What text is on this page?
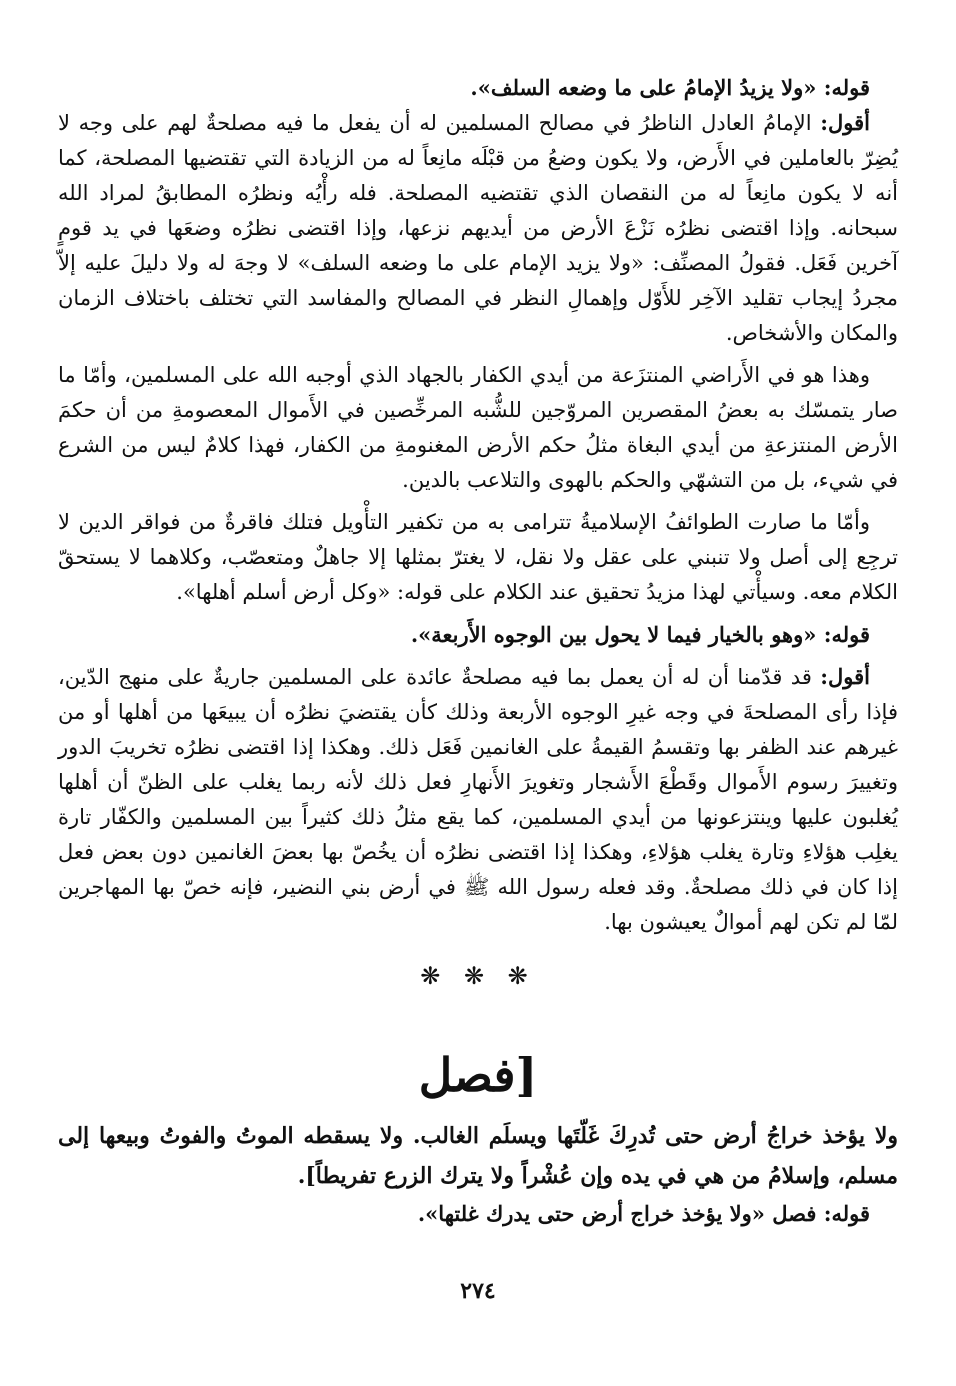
قوله: «ولا يزيدُ الإمامُ على ما وضعه السلف».

أقول: الإمامُ العادل الناظرُ في مصالح المسلمين له أن يفعل ما فيه مصلحةٌ لهم على وجه لا يُضِرّ بالعاملين في الأَرض، ولا يكون وضعُ من قبْلَه مانِعاً له من الزيادة التي تقتضيها المصلحة، كما أنه لا يكون مانِعاً له من النقصان الذي تقتضيه المصلحة. فله رأْيُه ونظرُه المطابقُ لمراد الله سبحانه. وإذا اقتضى نظرُه نَزْعَ الأرض من أيديهم نزعها، وإذا اقتضى نظرُه وضعَها في يد قومٍ آخرين فَعَل. فقولُ المصنِّف: «ولا يزيد الإمام على ما وضعه السلف» لا وجهَ له ولا دليلَ عليه إلاّ مجردُ إيجاب تقليد الآخِر للأَوّل وإهمالِ النظر في المصالح والمفاسد التي تختلف باختلاف الزمان والمكان والأشخاص.

وهذا هو في الأَراضي المنتزَعة من أيدي الكفار بالجهاد الذي أوجبه الله على المسلمين، وأمّا ما صار يتمسّك به بعضُ المقصرين المروّجين للشُّبه المرخِّصين في الأَموال المعصومةِ من أن حكمَ الأرض المنتزعةِ من أيدي البغاة مثلُ حكم الأرض المغنومةِ من الكفار، فهذا كلامٌ ليس من الشرع في شيء، بل من التشهّي والحكم بالهوى والتلاعب بالدين.

وأمّا ما صارت الطوائفُ الإسلاميةُ تترامى به من تكفير التأْويل فتلك فاقرةٌ من فواقر الدين لا ترجِع إلى أصل ولا تنبني على عقل ولا نقل، لا يغترّ بمثلها إلا جاهلٌ ومتعصّب، وكلاهما لا يستحقّ الكلام معه. وسيأْتي لهذا مزيدُ تحقيق عند الكلام على قوله: «وكل أرض أسلم أهلها».

قوله: «وهو بالخيار فيما لا يحول بين الوجوه الأَربعة».

أقول: قد قدّمنا أن له أن يعمل بما فيه مصلحةٌ عائدة على المسلمين جاريةٌ على منهج الدّين، فإذا رأى المصلحةَ في وجه غيرِ الوجوه الأربعة وذلك كأن يقتضيَ نظرُه أن يبيعَها من أهلها أو من غيرهم عند الظفر بها وتقسمُ القيمةُ على الغانمين فَعَل ذلك. وهكذا إذا اقتضى نظرُه تخريبَ الدور وتغييرَ رسوم الأَموال وقَطْعَ الأَشجار وتغويرَ الأَنهارِ فعل ذلك لأنه ربما يغلب على الظنّ أن أهلها يُغلبون عليها وينتزعونها من أيدي المسلمين، كما يقع مثلُ ذلك كثيراً بين المسلمين والكفّار تارة يغلِب هؤلاءِ وتارة يغلب هؤلاءِ، وهكذا إذا اقتضى نظرُه أن يخُصّ بها بعضَ الغانمين دون بعض فعل إذا كان في ذلك مصلحةٌ. وقد فعله رسول الله ﷺ في أرض بني النضير، فإنه خصّ بها المهاجرين لمّا لم تكن لهم أموالٌ يعيشون بها.

❋ ❋ ❋
[فصل

ولا يؤخذ خراجُ أرض حتى تُدرِكَ غَلّتَها ويسلَم الغالب. ولا يسقطه الموتُ والفوتُ وبيعها إلى مسلم، وإسلامُ من هي في يده وإن عُشْراً ولا يترك الزرع تفريطاً].

قوله: فصل «ولا يؤخذ خراج أرض حتى يدرك غلتها».

٢٧٤
